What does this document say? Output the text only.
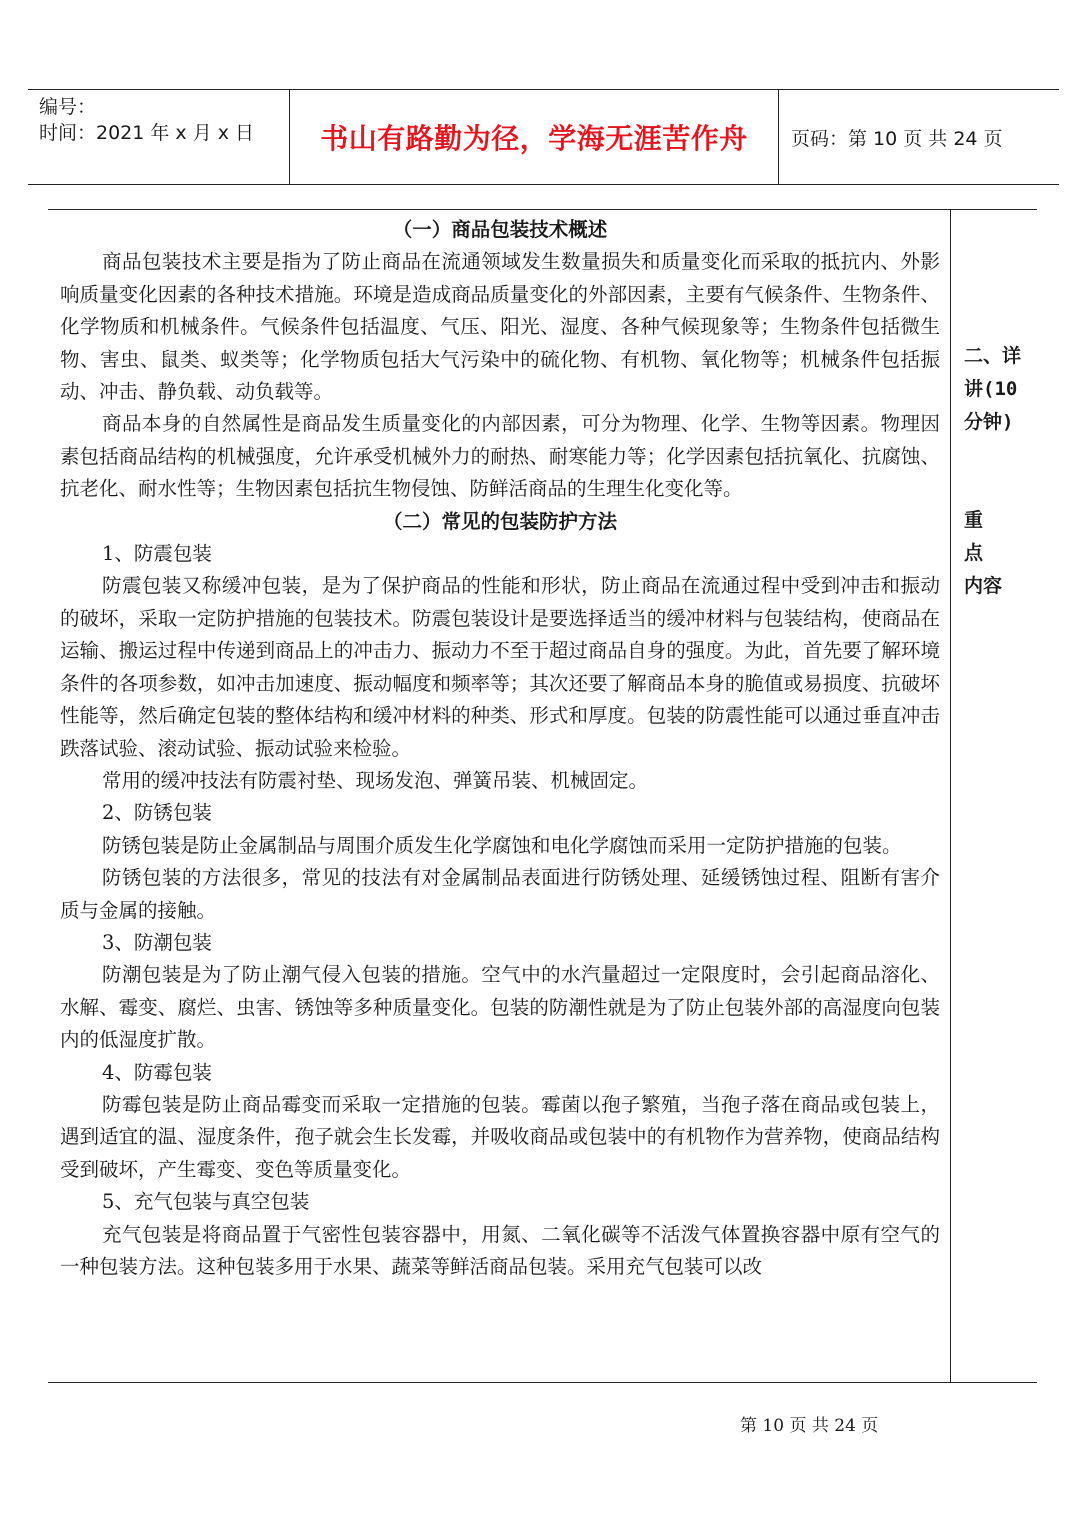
编号：
时间：2021 年 x 月 x 日	书山有路勤为径，学海无涯苦作舟	页码：第 10 页 共 24 页

（一）商品包装技术概述

商品包装技术主要是指为了防止商品在流通领域发生数量损失和质量变化而采取的抵抗内、外影响质量变化因素的各种技术措施。环境是造成商品质量变化的外部因素，主要有气候条件、生物条件、化学物质和机械条件。气候条件包括温度、气压、阳光、湿度、各种气候现象等；生物条件包括微生物、害虫、鼠类、蚁类等；化学物质包括大气污染中的硫化物、有机物、氧化物等；机械条件包括振动、冲击、静负载、动负载等。

商品本身的自然属性是商品发生质量变化的内部因素，可分为物理、化学、生物等因素。物理因素包括商品结构的机械强度，允许承受机械外力的耐热、耐寒能力等；化学因素包括抗氧化、抗腐蚀、抗老化、耐水性等；生物因素包括抗生物侵蚀、防鲜活商品的生理生化变化等。

（二）常见的包装防护方法

1、防震包装

防震包装又称缓冲包装，是为了保护商品的性能和形状，防止商品在流通过程中受到冲击和振动的破坏，采取一定防护措施的包装技术。防震包装设计是要选择适当的缓冲材料与包装结构，使商品在运输、搬运过程中传递到商品上的冲击力、振动力不至于超过商品自身的强度。为此，首先要了解环境条件的各项参数，如冲击加速度、振动幅度和频率等；其次还要了解商品本身的脆值或易损度、抗破坏性能等，然后确定包装的整体结构和缓冲材料的种类、形式和厚度。包装的防震性能可以通过垂直冲击跌落试验、滚动试验、振动试验来检验。

常用的缓冲技法有防震衬垫、现场发泡、弹簧吊装、机械固定。

2、防锈包装

防锈包装是防止金属制品与周围介质发生化学腐蚀和电化学腐蚀而采用一定防护措施的包装。

防锈包装的方法很多，常见的技法有对金属制品表面进行防锈处理、延缓锈蚀过程、阻断有害介质与金属的接触。

3、防潮包装

防潮包装是为了防止潮气侵入包装的措施。空气中的水汽量超过一定限度时，会引起商品溶化、水解、霉变、腐烂、虫害、锈蚀等多种质量变化。包装的防潮性就是为了防止包装外部的高湿度向包装内的低湿度扩散。

4、防霉包装

防霉包装是防止商品霉变而采取一定措施的包装。霉菌以孢子繁殖，当孢子落在商品或包装上，遇到适宜的温、湿度条件，孢子就会生长发霉，并吸收商品或包装中的有机物作为营养物，使商品结构受到破坏，产生霉变、变色等质量变化。

5、充气包装与真空包装

充气包装是将商品置于气密性包装容器中，用氮、二氧化碳等不活泼气体置换容器中原有空气的一种包装方法。这种包装多用于水果、蔬菜等鲜活商品包装。采用充气包装可以改

二、详
讲(10
分钟)
重 点
内容
第 10 页 共 24 页
